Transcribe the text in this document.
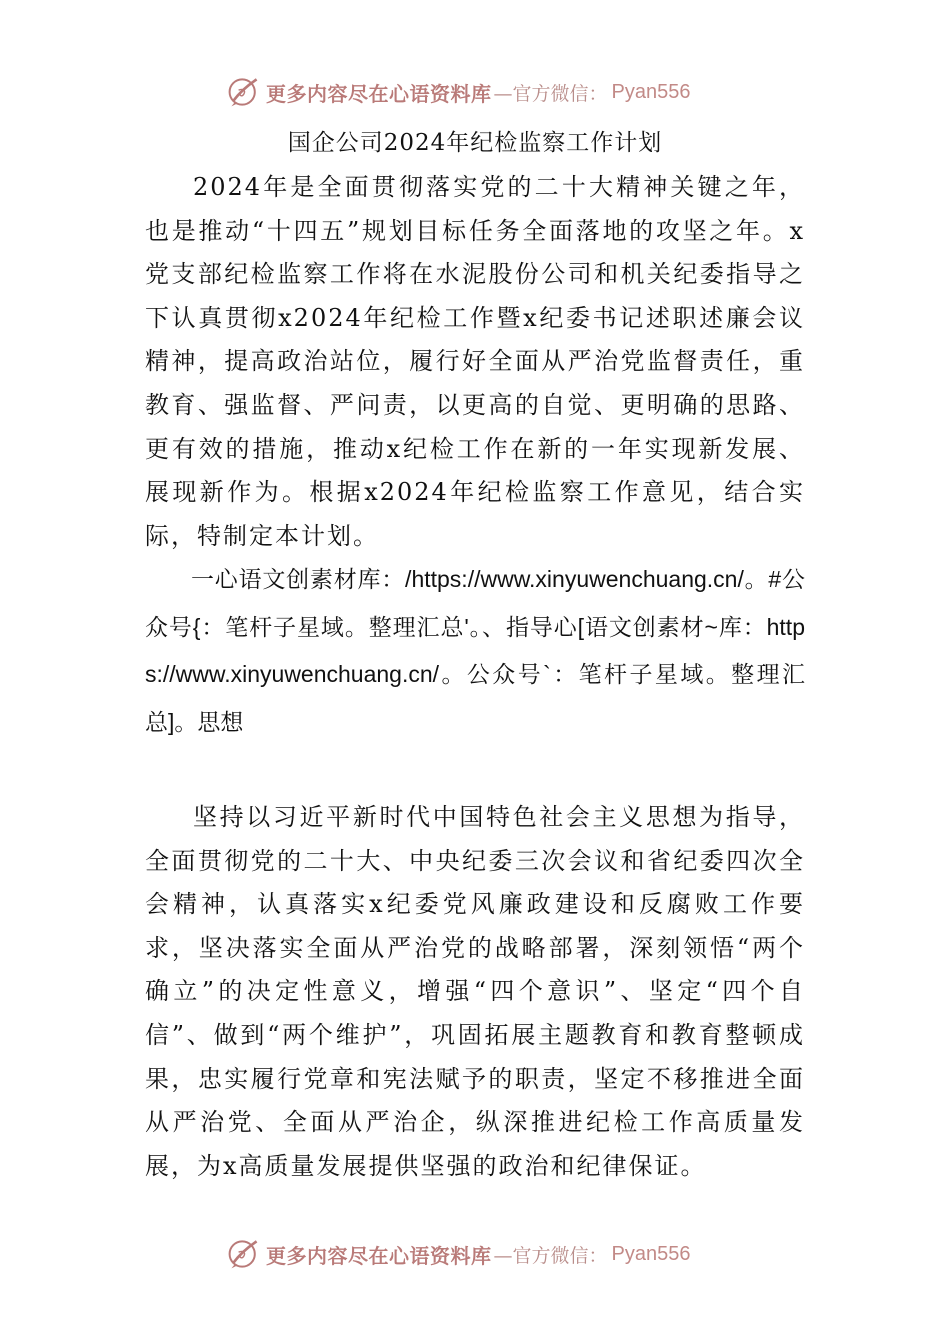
更多内容尽在心语资料库 —官方微信： Pyan556
国企公司2024年纪检监察工作计划

2024年是全面贯彻落实党的二十大精神关键之年，也是推动“十四五”规划目标任务全面落地的攻坚之年。x党支部纪检监察工作将在水泥股份公司和机关纪委指导之下认真贯彻x2024年纪检工作暨x纪委书记述职述廉会议精神，提高政治站位，履行好全面从严治党监督责任，重教育、强监督、严问责，以更高的自觉、更明确的思路、更有效的措施，推动x纪检工作在新的一年实现新发展、展现新作为。根据x2024年纪检监察工作意见，结合实际，特制定本计划。

一心语文创素材库：/https://www.xinyuwenchuang.cn/。#公众号{：笔杆子星域。整理汇总'。、指导心[语文创素材~库：https://www.xinyuwenchuang.cn/。公众号`：笔杆子星域。整理汇总]。思想

坚持以习近平新时代中国特色社会主义思想为指导，全面贯彻党的二十大、中央纪委三次会议和省纪委四次全会精神，认真落实x纪委党风廉政建设和反腐败工作要求，坚决落实全面从严治党的战略部署，深刻领悟“两个确立”的决定性意义，增强“四个意识”、坚定“四个自信”、做到“两个维护”，巩固拓展主题教育和教育整顿成果，忠实履行党章和宪法赋予的职责，坚定不移推进全面从严治党、全面从严治企，纵深推进纪检工作高质量发展，为x高质量发展提供坚强的政治和纪律保证。

更多内容尽在心语资料库 —官方微信： Pyan556
